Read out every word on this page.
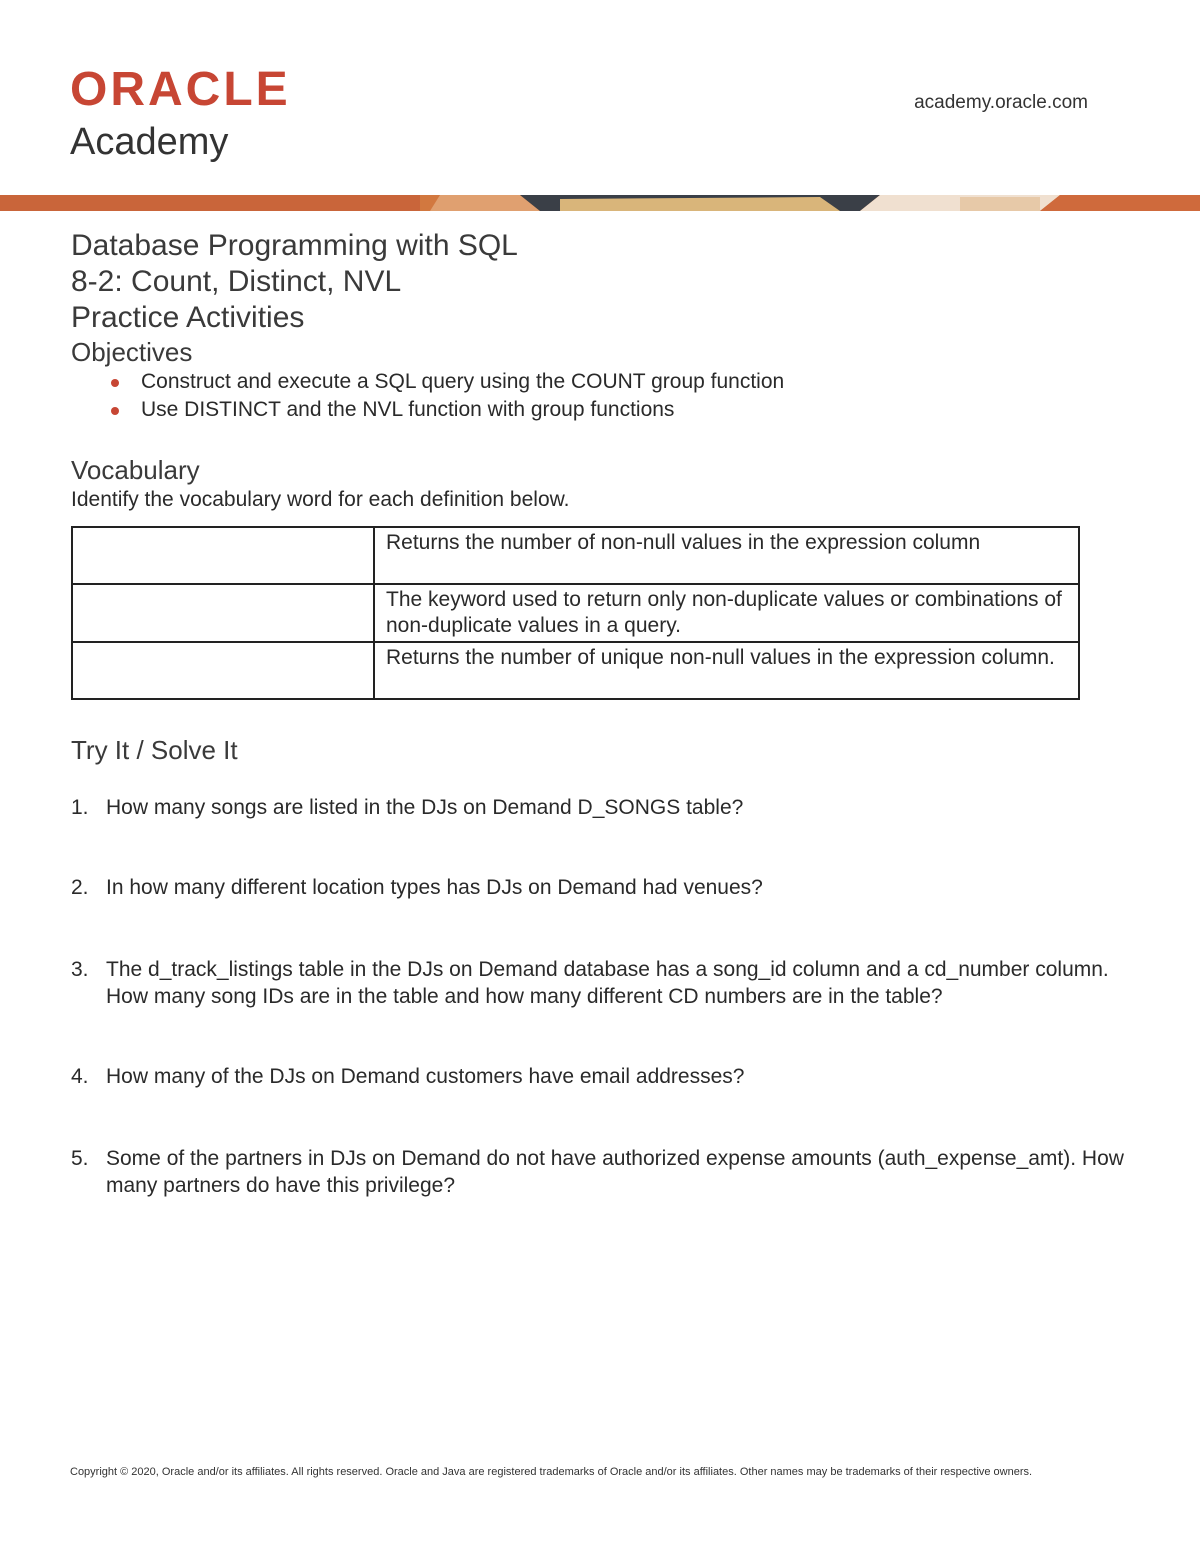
ORACLE
Academy
academy.oracle.com
Database Programming with SQL
8-2: Count, Distinct, NVL
Practice Activities
Objectives
Construct and execute a SQL query using the COUNT group function
Use DISTINCT and the NVL function with group functions
Vocabulary
Identify the vocabulary word for each definition below.
	Returns the number of non-null values in the expression column
	The keyword used to return only non-duplicate values or combinations of non-duplicate values in a query.
	Returns the number of unique non-null values in the expression column.
Try It / Solve It
1. How many songs are listed in the DJs on Demand D_SONGS table?
2. In how many different location types has DJs on Demand had venues?
3. The d_track_listings table in the DJs on Demand database has a song_id column and a cd_number column. How many song IDs are in the table and how many different CD numbers are in the table?
4. How many of the DJs on Demand customers have email addresses?
5. Some of the partners in DJs on Demand do not have authorized expense amounts (auth_expense_amt). How many partners do have this privilege?
Copyright © 2020, Oracle and/or its affiliates. All rights reserved. Oracle and Java are registered trademarks of Oracle and/or its affiliates. Other names may be trademarks of their respective owners.
